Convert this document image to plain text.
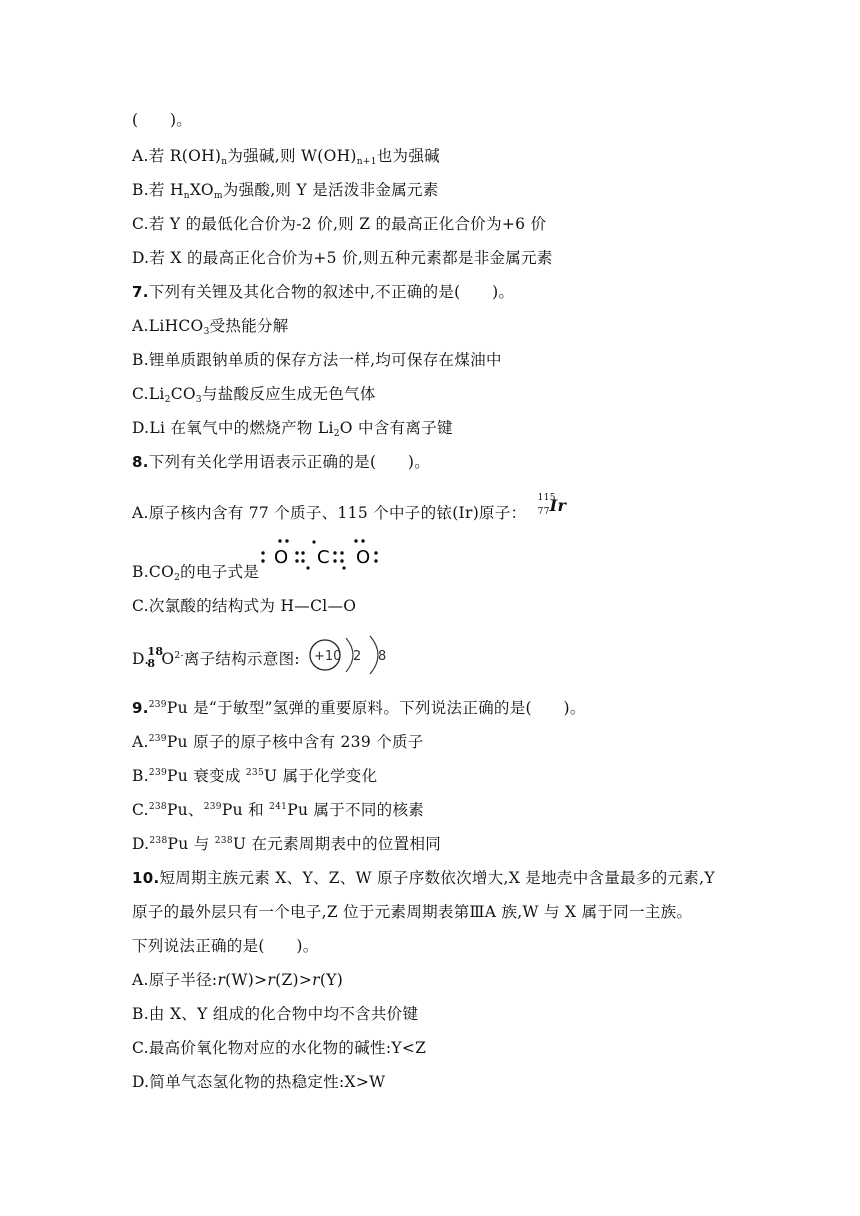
(　　)。
A.若 $R(OH)_n$为强碱,则 $W(OH)_{n+1}$也为强碱
B.若 $H_nXO_m$为强酸,则 Y 是活泼非金属元素
C.若 Y 的最低化合价为-2 价,则 Z 的最高正化合价为+6 价
D.若 X 的最高正化合价为+5 价,则五种元素都是非金属元素
7.下列有关锂及其化合物的叙述中,不正确的是(　　)。
A.LiHCO$_3$受热能分解
B.锂单质跟钠单质的保存方法一样,均可保存在煤油中
$C.Li_2CO_3$与盐酸反应生成无色气体
D.Li 在氧气中的燃烧产物 $Li_2O$ 中含有离子键
8.下列有关化学用语表示正确的是(　　)。
A.原子核内含有 77 个质子、115 个中子的铱(Ir)原子：
115
77 Ir
$B.CO_2$的电子式是
O C O
C.次氯酸的结构式为 H—Cl—O
D.
18
8 $O^{2-}$离子结构示意图: +10 2 8
9.$^{239}$Pu 是“于敏型”氢弹的重要原料。下列说法正确的是(　　)。
A.$^{239}$Pu 原子的原子核中含有 239 个质子
B.$^{239}$Pu 衰变成 $^{235}$U 属于化学变化
C.$^{238}$Pu、$^{239}$Pu 和 $^{241}$Pu 属于不同的核素
D.$^{238}$Pu 与 $^{238}$U 在元素周期表中的位置相同
10.短周期主族元素 X、Y、Z、W 原子序数依次增大,X 是地壳中含量最多的元素,Y
原子的最外层只有一个电子,Z 位于元素周期表第ⅢA 族,W 与 X 属于同一主族。
下列说法正确的是(　　)。
A.原子半径:r(W)>r(Z)>r(Y)
B.由 X、Y 组成的化合物中均不含共价键
C.最高价氧化物对应的水化物的碱性:Y<Z
D.简单气态氢化物的热稳定性:X>W
